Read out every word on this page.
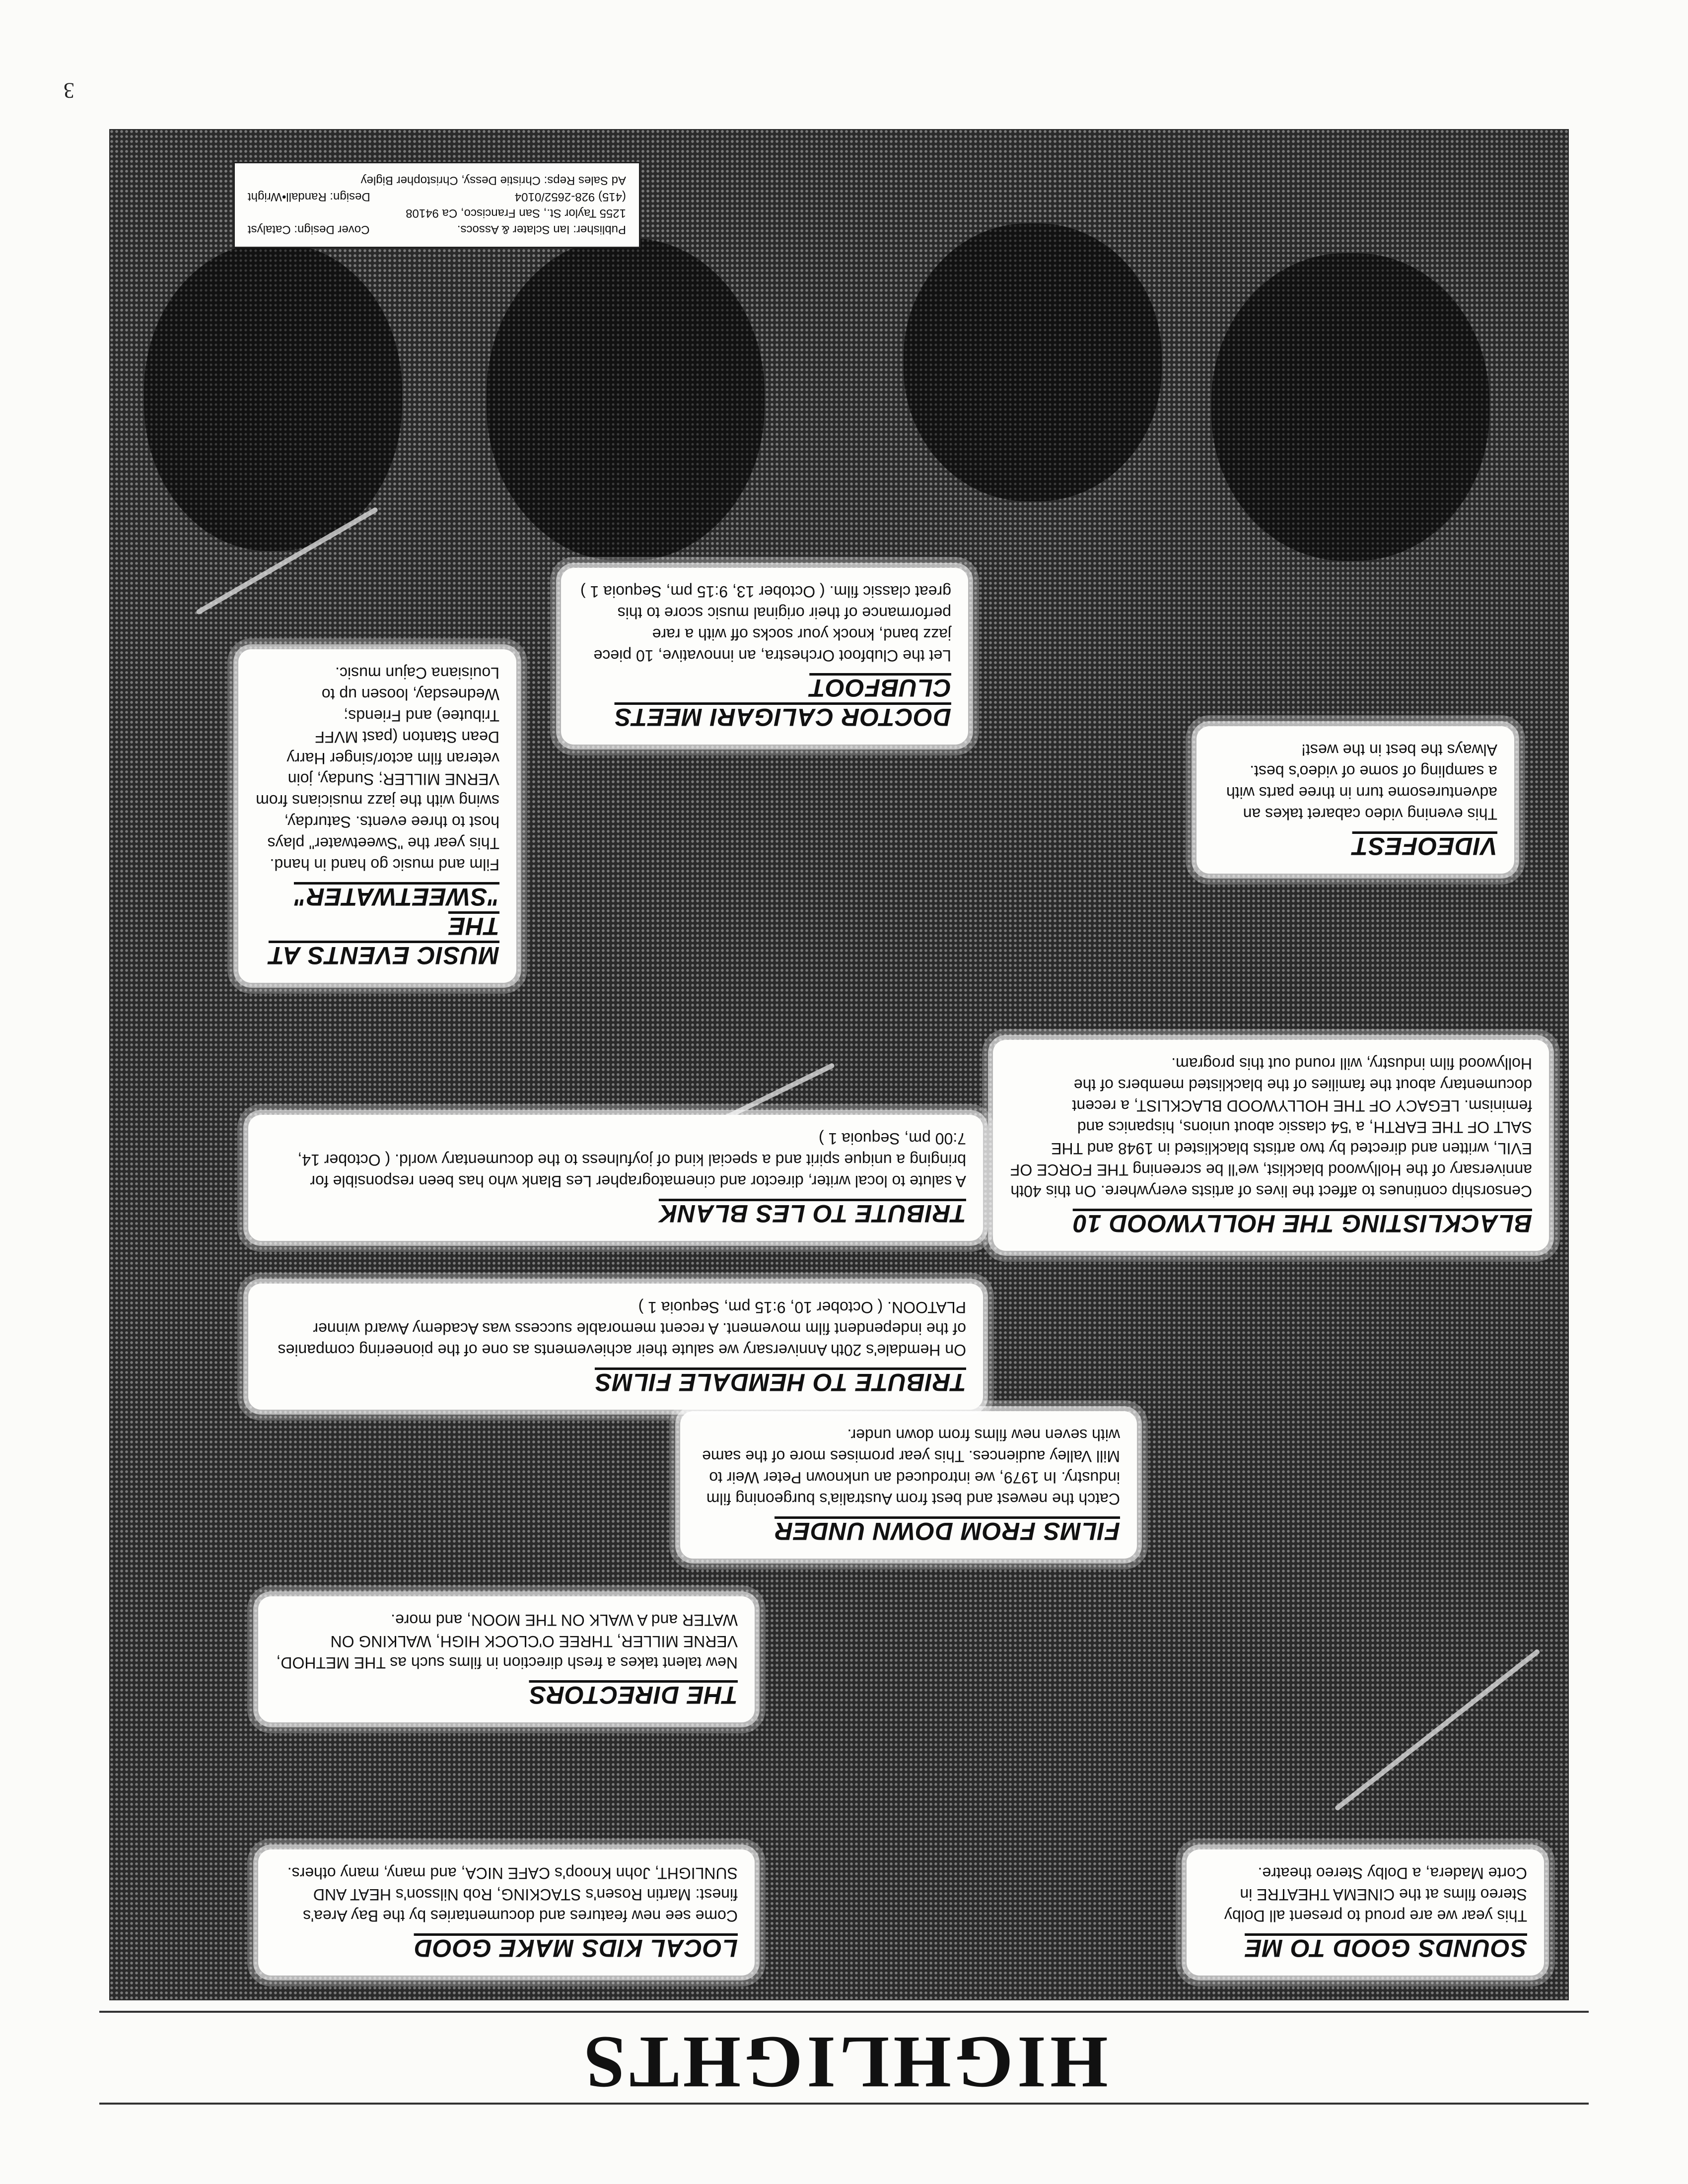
3
HIGHLIGHTS
LOCAL KIDS MAKE GOOD

Come see new features and documentaries by the Bay Area's finest: Martin Rosen's STACKING, Rob Nilsson's HEAT AND SUNLIGHT, John Knoop's CAFE NICA, and many, many others.

SOUNDS GOOD TO ME

This year we are proud to present all Dolby Stereo films at the CINEMA THEATRE in Corte Madera, a Dolby Stereo theatre.

THE DIRECTORS

New talent takes a fresh direction in films such as THE METHOD, VERNE MILLER, THREE O'CLOCK HIGH, WALKING ON WATER and A WALK ON THE MOON, and more.

FILMS FROM DOWN UNDER

Catch the newest and best from Australia's burgeoning film industry. In 1979, we introduced an unknown Peter Weir to Mill Valley audiences. This year promises more of the same with seven new films from down under.

TRIBUTE TO HEMDALE FILMS

On Hemdale's 20th Anniversary we salute their achievements as one of the pioneering companies of the independent film movement. A recent memorable success was Academy Award winner PLATOON. ( October 10, 9:15 pm, Sequoia 1 )

TRIBUTE TO LES BLANK

A salute to local writer, director and cinematographer Les Blank who has been responsible for bringing a unique spirit and a special kind of joyfulness to the documentary world. ( October 14, 7:00 pm, Sequoia 1 )

BLACKLISTING THE HOLLYWOOD 10

Censorship continues to affect the lives of artists everywhere. On this 40th anniversary of the Hollywood blacklist, we'll be screening THE FORCE OF EVIL, written and directed by two artists blacklisted in 1948 and THE SALT OF THE EARTH, a '54 classic about unions, hispanics and feminism. LEGACY OF THE HOLLYWOOD BLACKLIST, a recent documentary about the families of the blacklisted members of the Hollywood film industry, will round out this program.

MUSIC EVENTS AT THE "SWEETWATER"

Film and music go hand in hand. This year the "Sweetwater" plays host to three events. Saturday, swing with the jazz musicians from VERNE MILLER; Sunday, join veteran film actor/singer Harry Dean Stanton (past MVFF Tributee) and Friends; Wednesday, loosen up to Louisiana Cajun music.

DOCTOR CALIGARI MEETS CLUBFOOT

Let the Clubfoot Orchestra, an innovative, 10 piece jazz band, knock your socks off with a rare performance of their original music score to this great classic film. ( October 13, 9:15 pm, Sequoia 1 )

VIDEOFEST

This evening video cabaret takes an adventuresome turn in three parts with a sampling of some of video's best. Always the best in the west!

Publisher: Ian Sclater & Assocs.
Cover Design: Catalyst
1255 Taylor St., San Francisco, Ca 94108
(415) 928-2652/0104
Design: Randall•Wright
Ad Sales Reps: Christie Dessy, Christopher Bigley
